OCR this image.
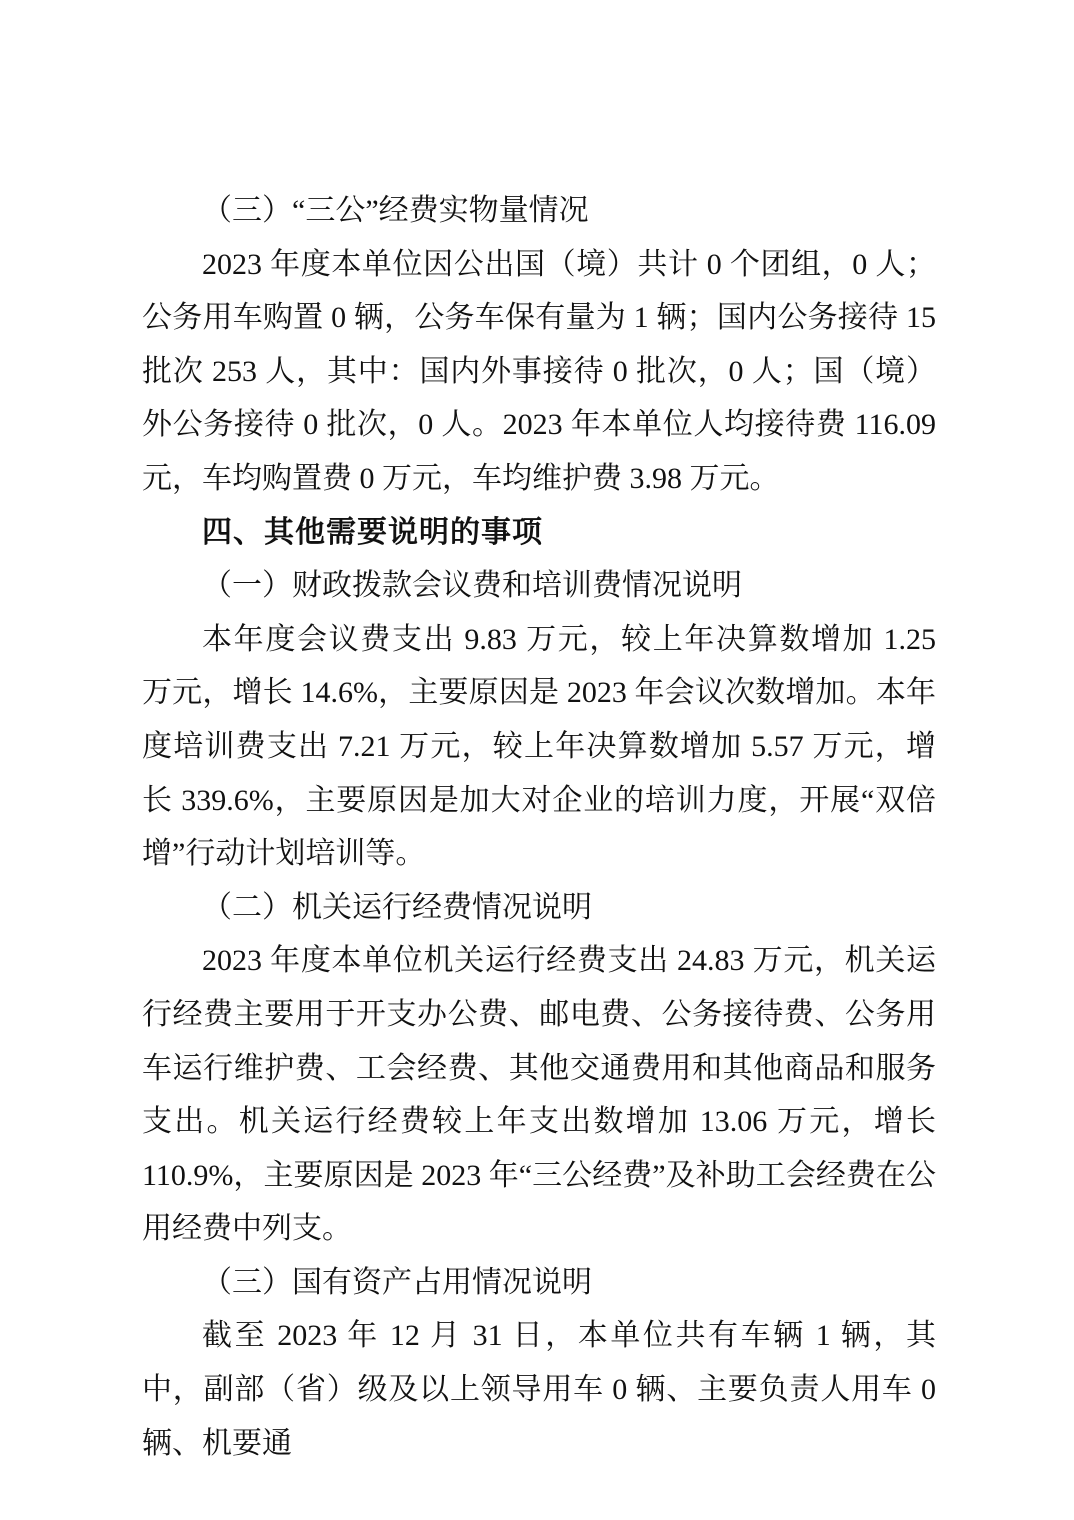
（三）“三公”经费实物量情况

2023 年度本单位因公出国（境）共计 0 个团组，0 人；公务用车购置 0 辆，公务车保有量为 1 辆；国内公务接待 15 批次 253 人，其中：国内外事接待 0 批次，0 人；国（境）外公务接待 0 批次，0 人。2023 年本单位人均接待费 116.09 元，车均购置费 0 万元，车均维护费 3.98 万元。

四、其他需要说明的事项

（一）财政拨款会议费和培训费情况说明

本年度会议费支出 9.83 万元，较上年决算数增加 1.25 万元，增长 14.6%，主要原因是 2023 年会议次数增加。本年度培训费支出 7.21 万元，较上年决算数增加 5.57 万元，增长 339.6%，主要原因是加大对企业的培训力度，开展“双倍增”行动计划培训等。

（二）机关运行经费情况说明

2023 年度本单位机关运行经费支出 24.83 万元，机关运行经费主要用于开支办公费、邮电费、公务接待费、公务用车运行维护费、工会经费、其他交通费用和其他商品和服务支出。机关运行经费较上年支出数增加 13.06 万元，增长 110.9%，主要原因是 2023 年“三公经费”及补助工会经费在公用经费中列支。

（三）国有资产占用情况说明

截至 2023 年 12 月 31 日，本单位共有车辆 1 辆，其中，副部（省）级及以上领导用车 0 辆、主要负责人用车 0 辆、机要通
